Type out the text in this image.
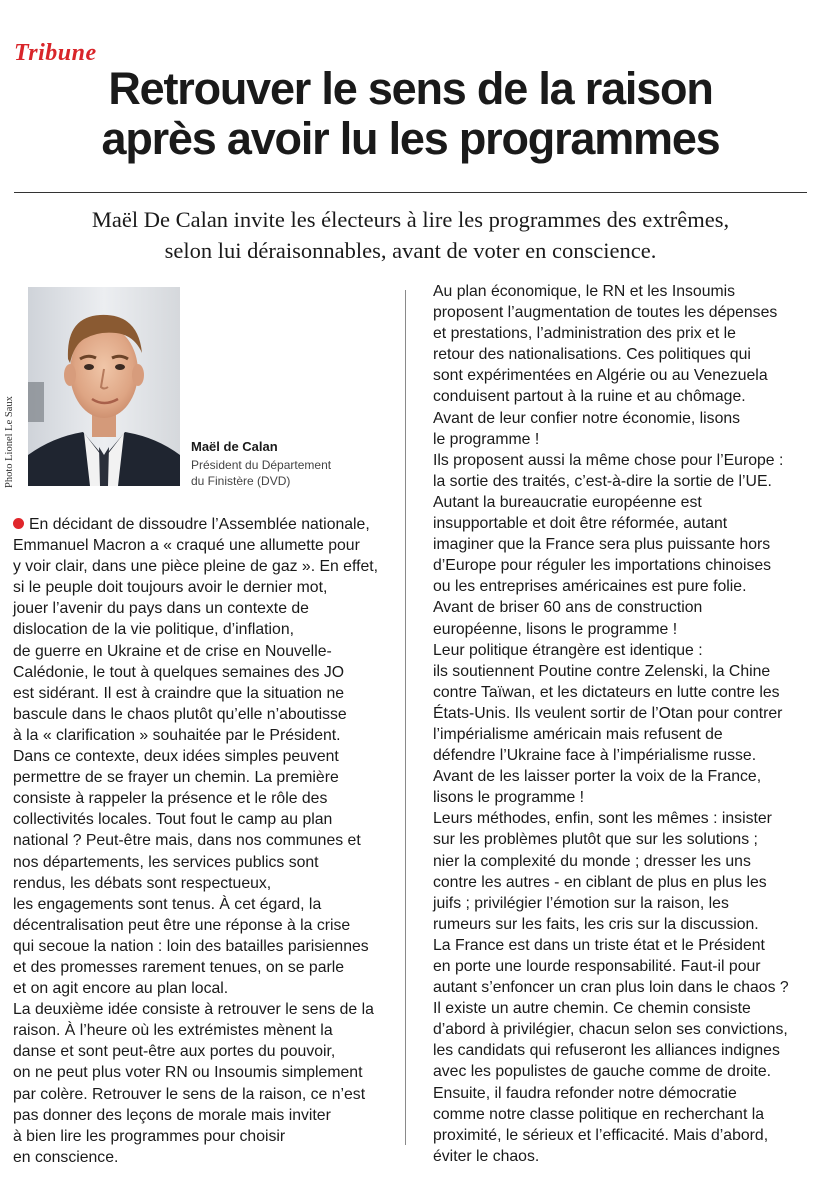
Tribune
Retrouver le sens de la raison
après avoir lu les programmes
Maël De Calan invite les électeurs à lire les programmes des extrêmes,
selon lui déraisonnables, avant de voter en conscience.
Photo Lionel Le Saux	Maël de Calan
Président du Département
du Finistère (DVD)
En décidant de dissoudre l’Assemblée nationale,
Emmanuel Macron a « craqué une allumette pour
y voir clair, dans une pièce pleine de gaz ». En effet,
si le peuple doit toujours avoir le dernier mot,
jouer l’avenir du pays dans un contexte de
dislocation de la vie politique, d’inflation,
de guerre en Ukraine et de crise en Nouvelle-
Calédonie, le tout à quelques semaines des JO
est sidérant. Il est à craindre que la situation ne
bascule dans le chaos plutôt qu’elle n’aboutisse
à la « clarification » souhaitée par le Président.
Dans ce contexte, deux idées simples peuvent
permettre de se frayer un chemin. La première
consiste à rappeler la présence et le rôle des
collectivités locales. Tout fout le camp au plan
national ? Peut-être mais, dans nos communes et
nos départements, les services publics sont
rendus, les débats sont respectueux,
les engagements sont tenus. À cet égard, la
décentralisation peut être une réponse à la crise
qui secoue la nation : loin des batailles parisiennes
et des promesses rarement tenues, on se parle
et on agit encore au plan local.
La deuxième idée consiste à retrouver le sens de la
raison. À l’heure où les extrémistes mènent la
danse et sont peut-être aux portes du pouvoir,
on ne peut plus voter RN ou Insoumis simplement
par colère. Retrouver le sens de la raison, ce n’est
pas donner des leçons de morale mais inviter
à bien lire les programmes pour choisir
en conscience.
Au plan économique, le RN et les Insoumis
proposent l’augmentation de toutes les dépenses
et prestations, l’administration des prix et le
retour des nationalisations. Ces politiques qui
sont expérimentées en Algérie ou au Venezuela
conduisent partout à la ruine et au chômage.
Avant de leur confier notre économie, lisons
le programme !
Ils proposent aussi la même chose pour l’Europe :
la sortie des traités, c’est-à-dire la sortie de l’UE.
Autant la bureaucratie européenne est
insupportable et doit être réformée, autant
imaginer que la France sera plus puissante hors
d’Europe pour réguler les importations chinoises
ou les entreprises américaines est pure folie.
Avant de briser 60 ans de construction
européenne, lisons le programme !
Leur politique étrangère est identique :
ils soutiennent Poutine contre Zelenski, la Chine
contre Taïwan, et les dictateurs en lutte contre les
États-Unis. Ils veulent sortir de l’Otan pour contrer
l’impérialisme américain mais refusent de
défendre l’Ukraine face à l’impérialisme russe.
Avant de les laisser porter la voix de la France,
lisons le programme !
Leurs méthodes, enfin, sont les mêmes : insister
sur les problèmes plutôt que sur les solutions ;
nier la complexité du monde ; dresser les uns
contre les autres - en ciblant de plus en plus les
juifs ; privilégier l’émotion sur la raison, les
rumeurs sur les faits, les cris sur la discussion.
La France est dans un triste état et le Président
en porte une lourde responsabilité. Faut-il pour
autant s’enfoncer un cran plus loin dans le chaos ?
Il existe un autre chemin. Ce chemin consiste
d’abord à privilégier, chacun selon ses convictions,
les candidats qui refuseront les alliances indignes
avec les populistes de gauche comme de droite.
Ensuite, il faudra refonder notre démocratie
comme notre classe politique en recherchant la
proximité, le sérieux et l’efficacité. Mais d’abord,
éviter le chaos.
